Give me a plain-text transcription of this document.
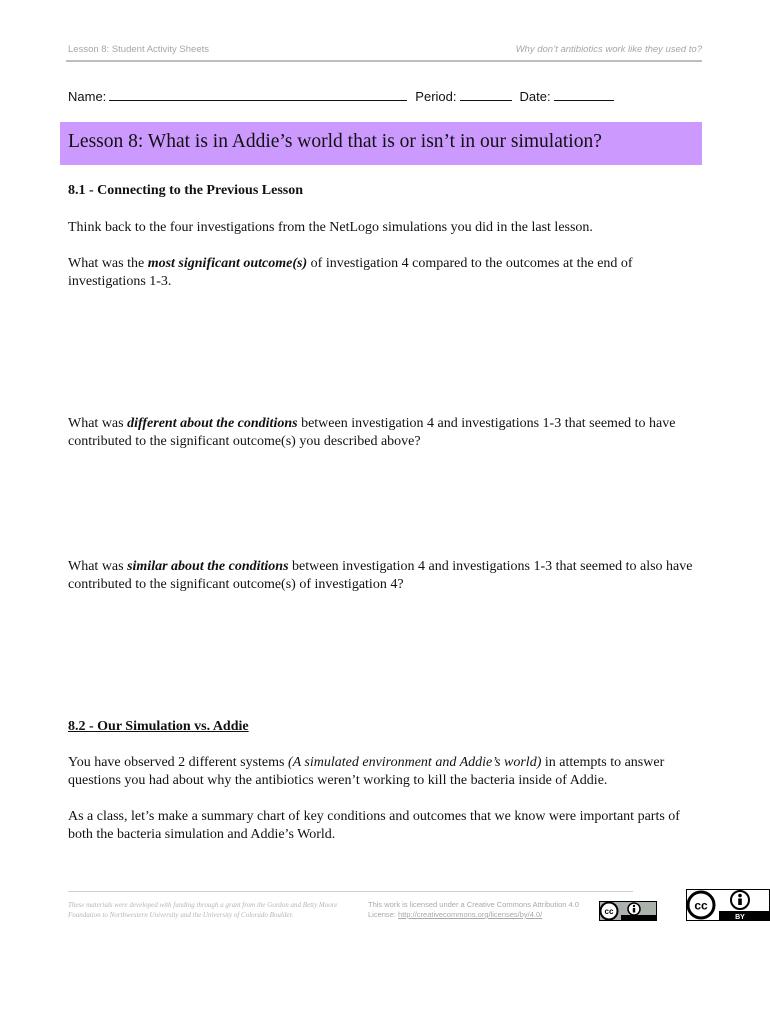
Lesson 8: Student Activity Sheets	Why don’t antibiotics work like they used to?
Name:	Period:	Date:
Lesson 8: What is in Addie’s world that is or isn’t in our simulation?
8.1 - Connecting to the Previous Lesson
Think back to the four investigations from the NetLogo simulations you did in the last lesson.
What was the most significant outcome(s) of investigation 4 compared to the outcomes at the end of investigations 1-3.
What was different about the conditions between investigation 4 and investigations 1-3 that seemed to have contributed to the significant outcome(s) you described above?
What was similar about the conditions between investigation 4 and investigations 1-3 that seemed to also have contributed to the significant outcome(s) of investigation 4?
8.2 - Our Simulation vs. Addie
You have observed 2 different systems (A simulated environment and Addie’s world) in attempts to answer questions you had about why the antibiotics weren’t working to kill the bacteria inside of Addie.
As a class, let’s make a summary chart of key conditions and outcomes that we know were important parts of both the bacteria simulation and Addie’s World.
These materials were developed with funding through a grant from the Gordon and Betty Moore Foundation to Northwestern University and the University of Colorado Boulder.
This work is licensed under a Creative Commons Attribution 4.0 License: http://creativecommons.org/licenses/by/4.0/	cc
BY
cc
